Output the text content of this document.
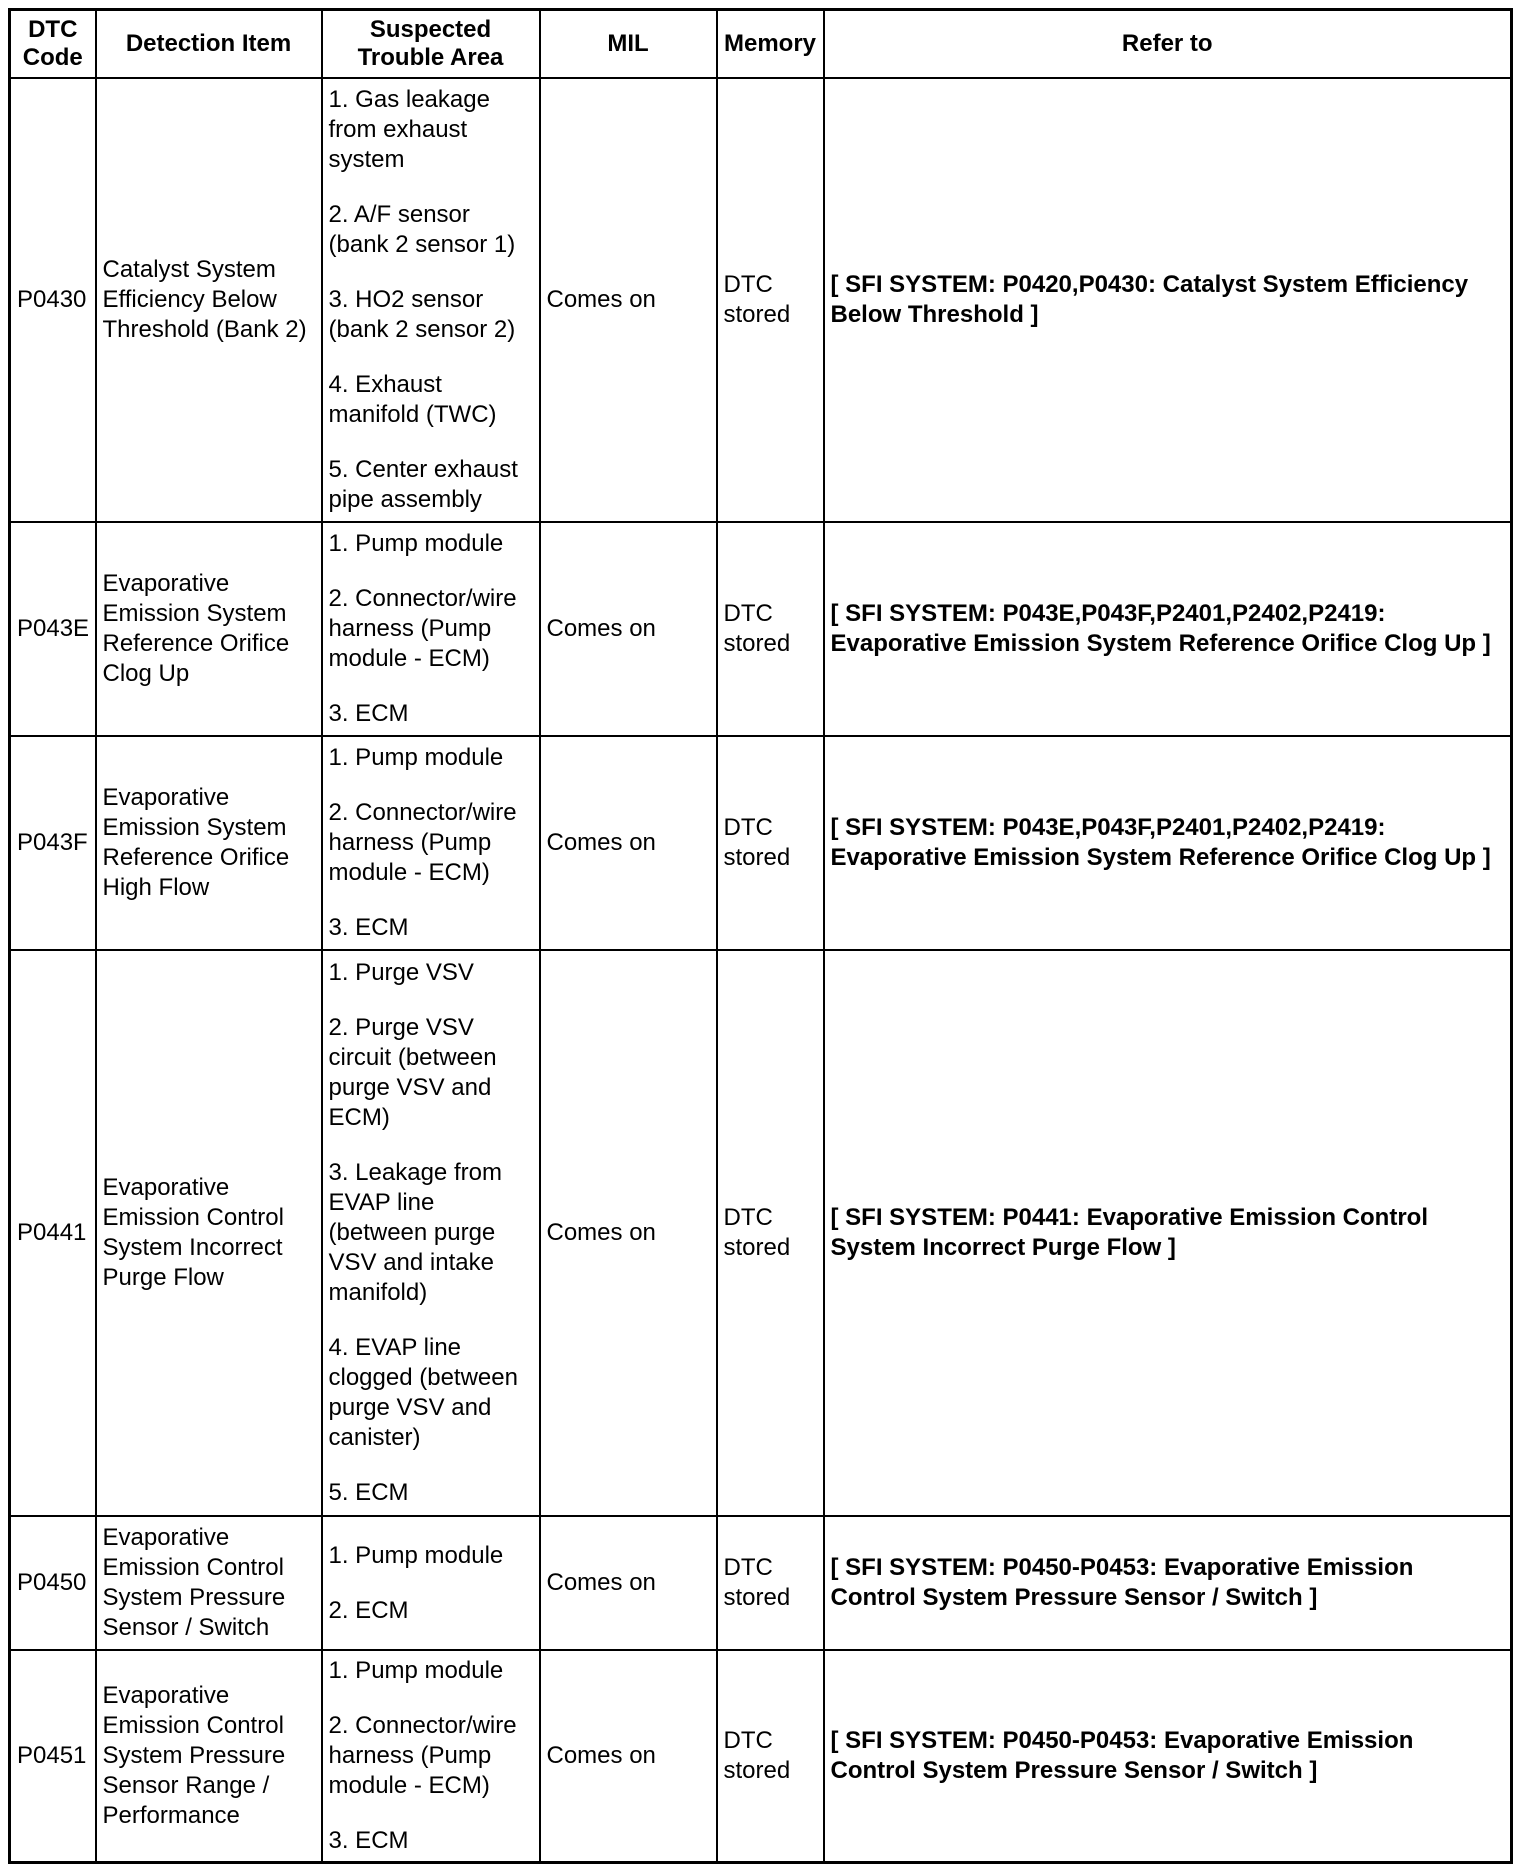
DTC Code	Detection Item	Suspected Trouble Area	MIL	Memory	Refer to
P0430	Catalyst System Efficiency Below Threshold (Bank 2)	1. Gas leakage from exhaust system
2. A/F sensor (bank 2 sensor 1)
3. HO2 sensor (bank 2 sensor 2)
4. Exhaust manifold (TWC)
5. Center exhaust pipe assembly	Comes on	DTC stored	[ SFI SYSTEM: P0420,P0430: Catalyst System Efficiency Below Threshold ]
P043E	Evaporative Emission System Reference Orifice Clog Up	1. Pump module
2. Connector/wire harness (Pump module - ECM)
3. ECM	Comes on	DTC stored	[ SFI SYSTEM: P043E,P043F,P2401,P2402,P2419: Evaporative Emission System Reference Orifice Clog Up ]
P043F	Evaporative Emission System Reference Orifice High Flow	1. Pump module
2. Connector/wire harness (Pump module - ECM)
3. ECM	Comes on	DTC stored	[ SFI SYSTEM: P043E,P043F,P2401,P2402,P2419: Evaporative Emission System Reference Orifice Clog Up ]
P0441	Evaporative Emission Control System Incorrect Purge Flow	1. Purge VSV
2. Purge VSV circuit (between purge VSV and ECM)
3. Leakage from EVAP line (between purge VSV and intake manifold)
4. EVAP line clogged (between purge VSV and canister)
5. ECM	Comes on	DTC stored	[ SFI SYSTEM: P0441: Evaporative Emission Control System Incorrect Purge Flow ]
P0450	Evaporative Emission Control System Pressure Sensor / Switch	1. Pump module
2. ECM	Comes on	DTC stored	[ SFI SYSTEM: P0450-P0453: Evaporative Emission Control System Pressure Sensor / Switch ]
P0451	Evaporative Emission Control System Pressure Sensor Range / Performance	1. Pump module
2. Connector/wire harness (Pump module - ECM)
3. ECM	Comes on	DTC stored	[ SFI SYSTEM: P0450-P0453: Evaporative Emission Control System Pressure Sensor / Switch ]
